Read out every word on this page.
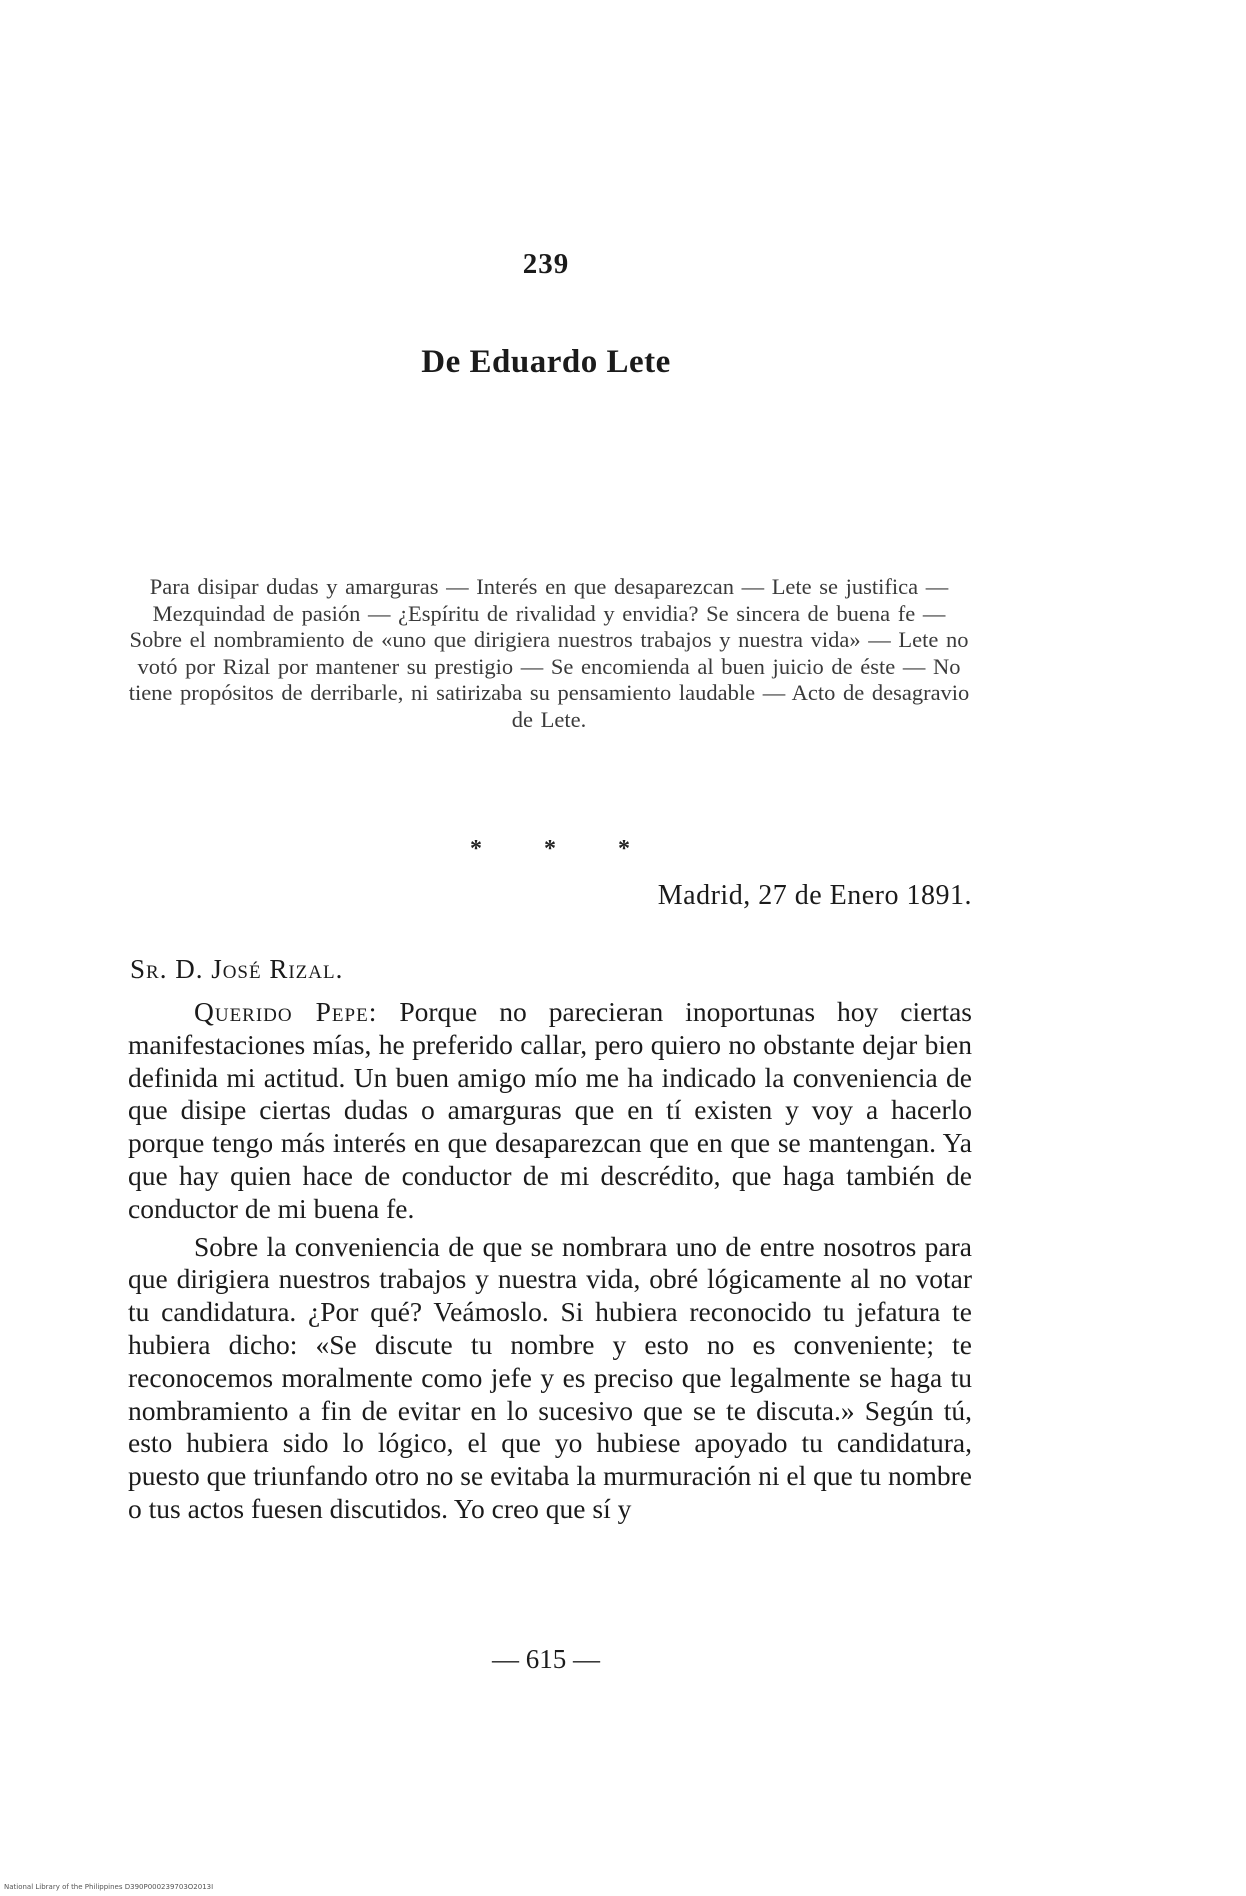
239
De Eduardo Lete

Para disipar dudas y amarguras — Interés en que desaparezcan — Lete se justifica — Mezquindad de pasión — ¿Espíritu de rivalidad y envidia? Se sincera de buena fe — Sobre el nombramiento de «uno que dirigiera nuestros trabajos y nuestra vida» — Lete no votó por Rizal por mantener su prestigio — Se encomienda al buen juicio de éste — No tiene propósitos de derribarle, ni satirizaba su pensamiento laudable — Acto de desagravio de Lete.

*	*	*
Madrid, 27 de Enero 1891.
Sr. D. José Rizal.

Querido Pepe: Porque no parecieran inoportunas hoy ciertas manifestaciones mías, he preferido callar, pero quiero no obstante dejar bien definida mi actitud. Un buen amigo mío me ha indicado la conveniencia de que disipe ciertas dudas o amarguras que en tí existen y voy a hacerlo porque tengo más interés en que desaparezcan que en que se mantengan. Ya que hay quien hace de conductor de mi descrédito, que haga también de conductor de mi buena fe.

Sobre la conveniencia de que se nombrara uno de entre nosotros para que dirigiera nuestros trabajos y nuestra vida, obré lógicamente al no votar tu candidatura. ¿Por qué? Veámoslo. Si hubiera reconocido tu jefatura te hubiera dicho: «Se discute tu nombre y esto no es conveniente; te reconocemos moralmente como jefe y es preciso que legalmente se haga tu nombramiento a fin de evitar en lo sucesivo que se te discuta.» Según tú, esto hubiera sido lo lógico, el que yo hubiese apoyado tu candidatura, puesto que triunfando otro no se evitaba la murmuración ni el que tu nombre o tus actos fuesen discutidos. Yo creo que sí y

— 615 —
National Library of the Philippines D390P000239703O2013I
